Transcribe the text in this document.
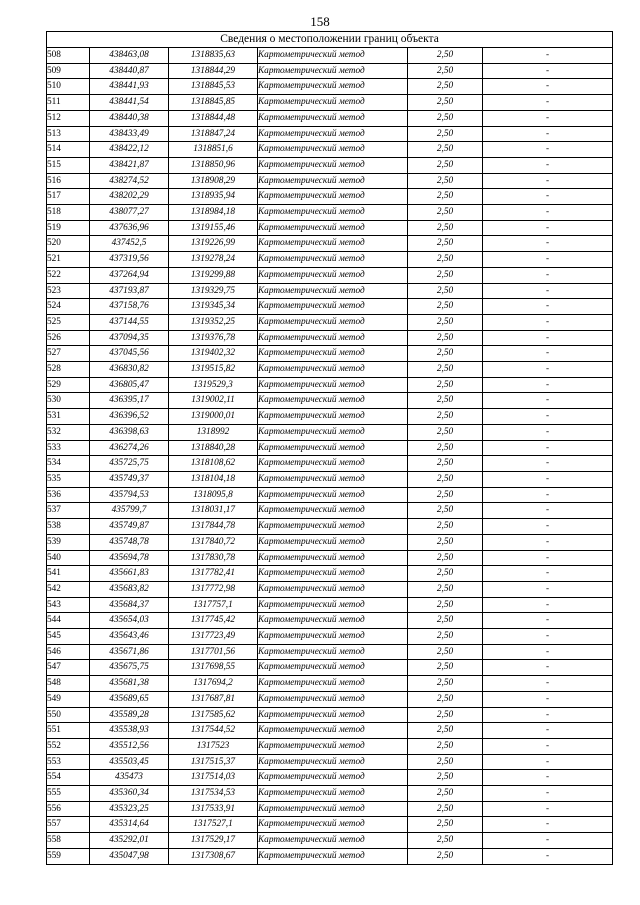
158
Сведения о местоположении границ объекта					
508	438463,08	1318835,63	Картометрический метод	2,50	-
509	438440,87	1318844,29	Картометрический метод	2,50	-
510	438441,93	1318845,53	Картометрический метод	2,50	-
511	438441,54	1318845,85	Картометрический метод	2,50	-
512	438440,38	1318844,48	Картометрический метод	2,50	-
513	438433,49	1318847,24	Картометрический метод	2,50	-
514	438422,12	1318851,6	Картометрический метод	2,50	-
515	438421,87	1318850,96	Картометрический метод	2,50	-
516	438274,52	1318908,29	Картометрический метод	2,50	-
517	438202,29	1318935,94	Картометрический метод	2,50	-
518	438077,27	1318984,18	Картометрический метод	2,50	-
519	437636,96	1319155,46	Картометрический метод	2,50	-
520	437452,5	1319226,99	Картометрический метод	2,50	-
521	437319,56	1319278,24	Картометрический метод	2,50	-
522	437264,94	1319299,88	Картометрический метод	2,50	-
523	437193,87	1319329,75	Картометрический метод	2,50	-
524	437158,76	1319345,34	Картометрический метод	2,50	-
525	437144,55	1319352,25	Картометрический метод	2,50	-
526	437094,35	1319376,78	Картометрический метод	2,50	-
527	437045,56	1319402,32	Картометрический метод	2,50	-
528	436830,82	1319515,82	Картометрический метод	2,50	-
529	436805,47	1319529,3	Картометрический метод	2,50	-
530	436395,17	1319002,11	Картометрический метод	2,50	-
531	436396,52	1319000,01	Картометрический метод	2,50	-
532	436398,63	1318992	Картометрический метод	2,50	-
533	436274,26	1318840,28	Картометрический метод	2,50	-
534	435725,75	1318108,62	Картометрический метод	2,50	-
535	435749,37	1318104,18	Картометрический метод	2,50	-
536	435794,53	1318095,8	Картометрический метод	2,50	-
537	435799,7	1318031,17	Картометрический метод	2,50	-
538	435749,87	1317844,78	Картометрический метод	2,50	-
539	435748,78	1317840,72	Картометрический метод	2,50	-
540	435694,78	1317830,78	Картометрический метод	2,50	-
541	435661,83	1317782,41	Картометрический метод	2,50	-
542	435683,82	1317772,98	Картометрический метод	2,50	-
543	435684,37	1317757,1	Картометрический метод	2,50	-
544	435654,03	1317745,42	Картометрический метод	2,50	-
545	435643,46	1317723,49	Картометрический метод	2,50	-
546	435671,86	1317701,56	Картометрический метод	2,50	-
547	435675,75	1317698,55	Картометрический метод	2,50	-
548	435681,38	1317694,2	Картометрический метод	2,50	-
549	435689,65	1317687,81	Картометрический метод	2,50	-
550	435589,28	1317585,62	Картометрический метод	2,50	-
551	435538,93	1317544,52	Картометрический метод	2,50	-
552	435512,56	1317523	Картометрический метод	2,50	-
553	435503,45	1317515,37	Картометрический метод	2,50	-
554	435473	1317514,03	Картометрический метод	2,50	-
555	435360,34	1317534,53	Картометрический метод	2,50	-
556	435323,25	1317533,91	Картометрический метод	2,50	-
557	435314,64	1317527,1	Картометрический метод	2,50	-
558	435292,01	1317529,17	Картометрический метод	2,50	-
559	435047,98	1317308,67	Картометрический метод	2,50	-
